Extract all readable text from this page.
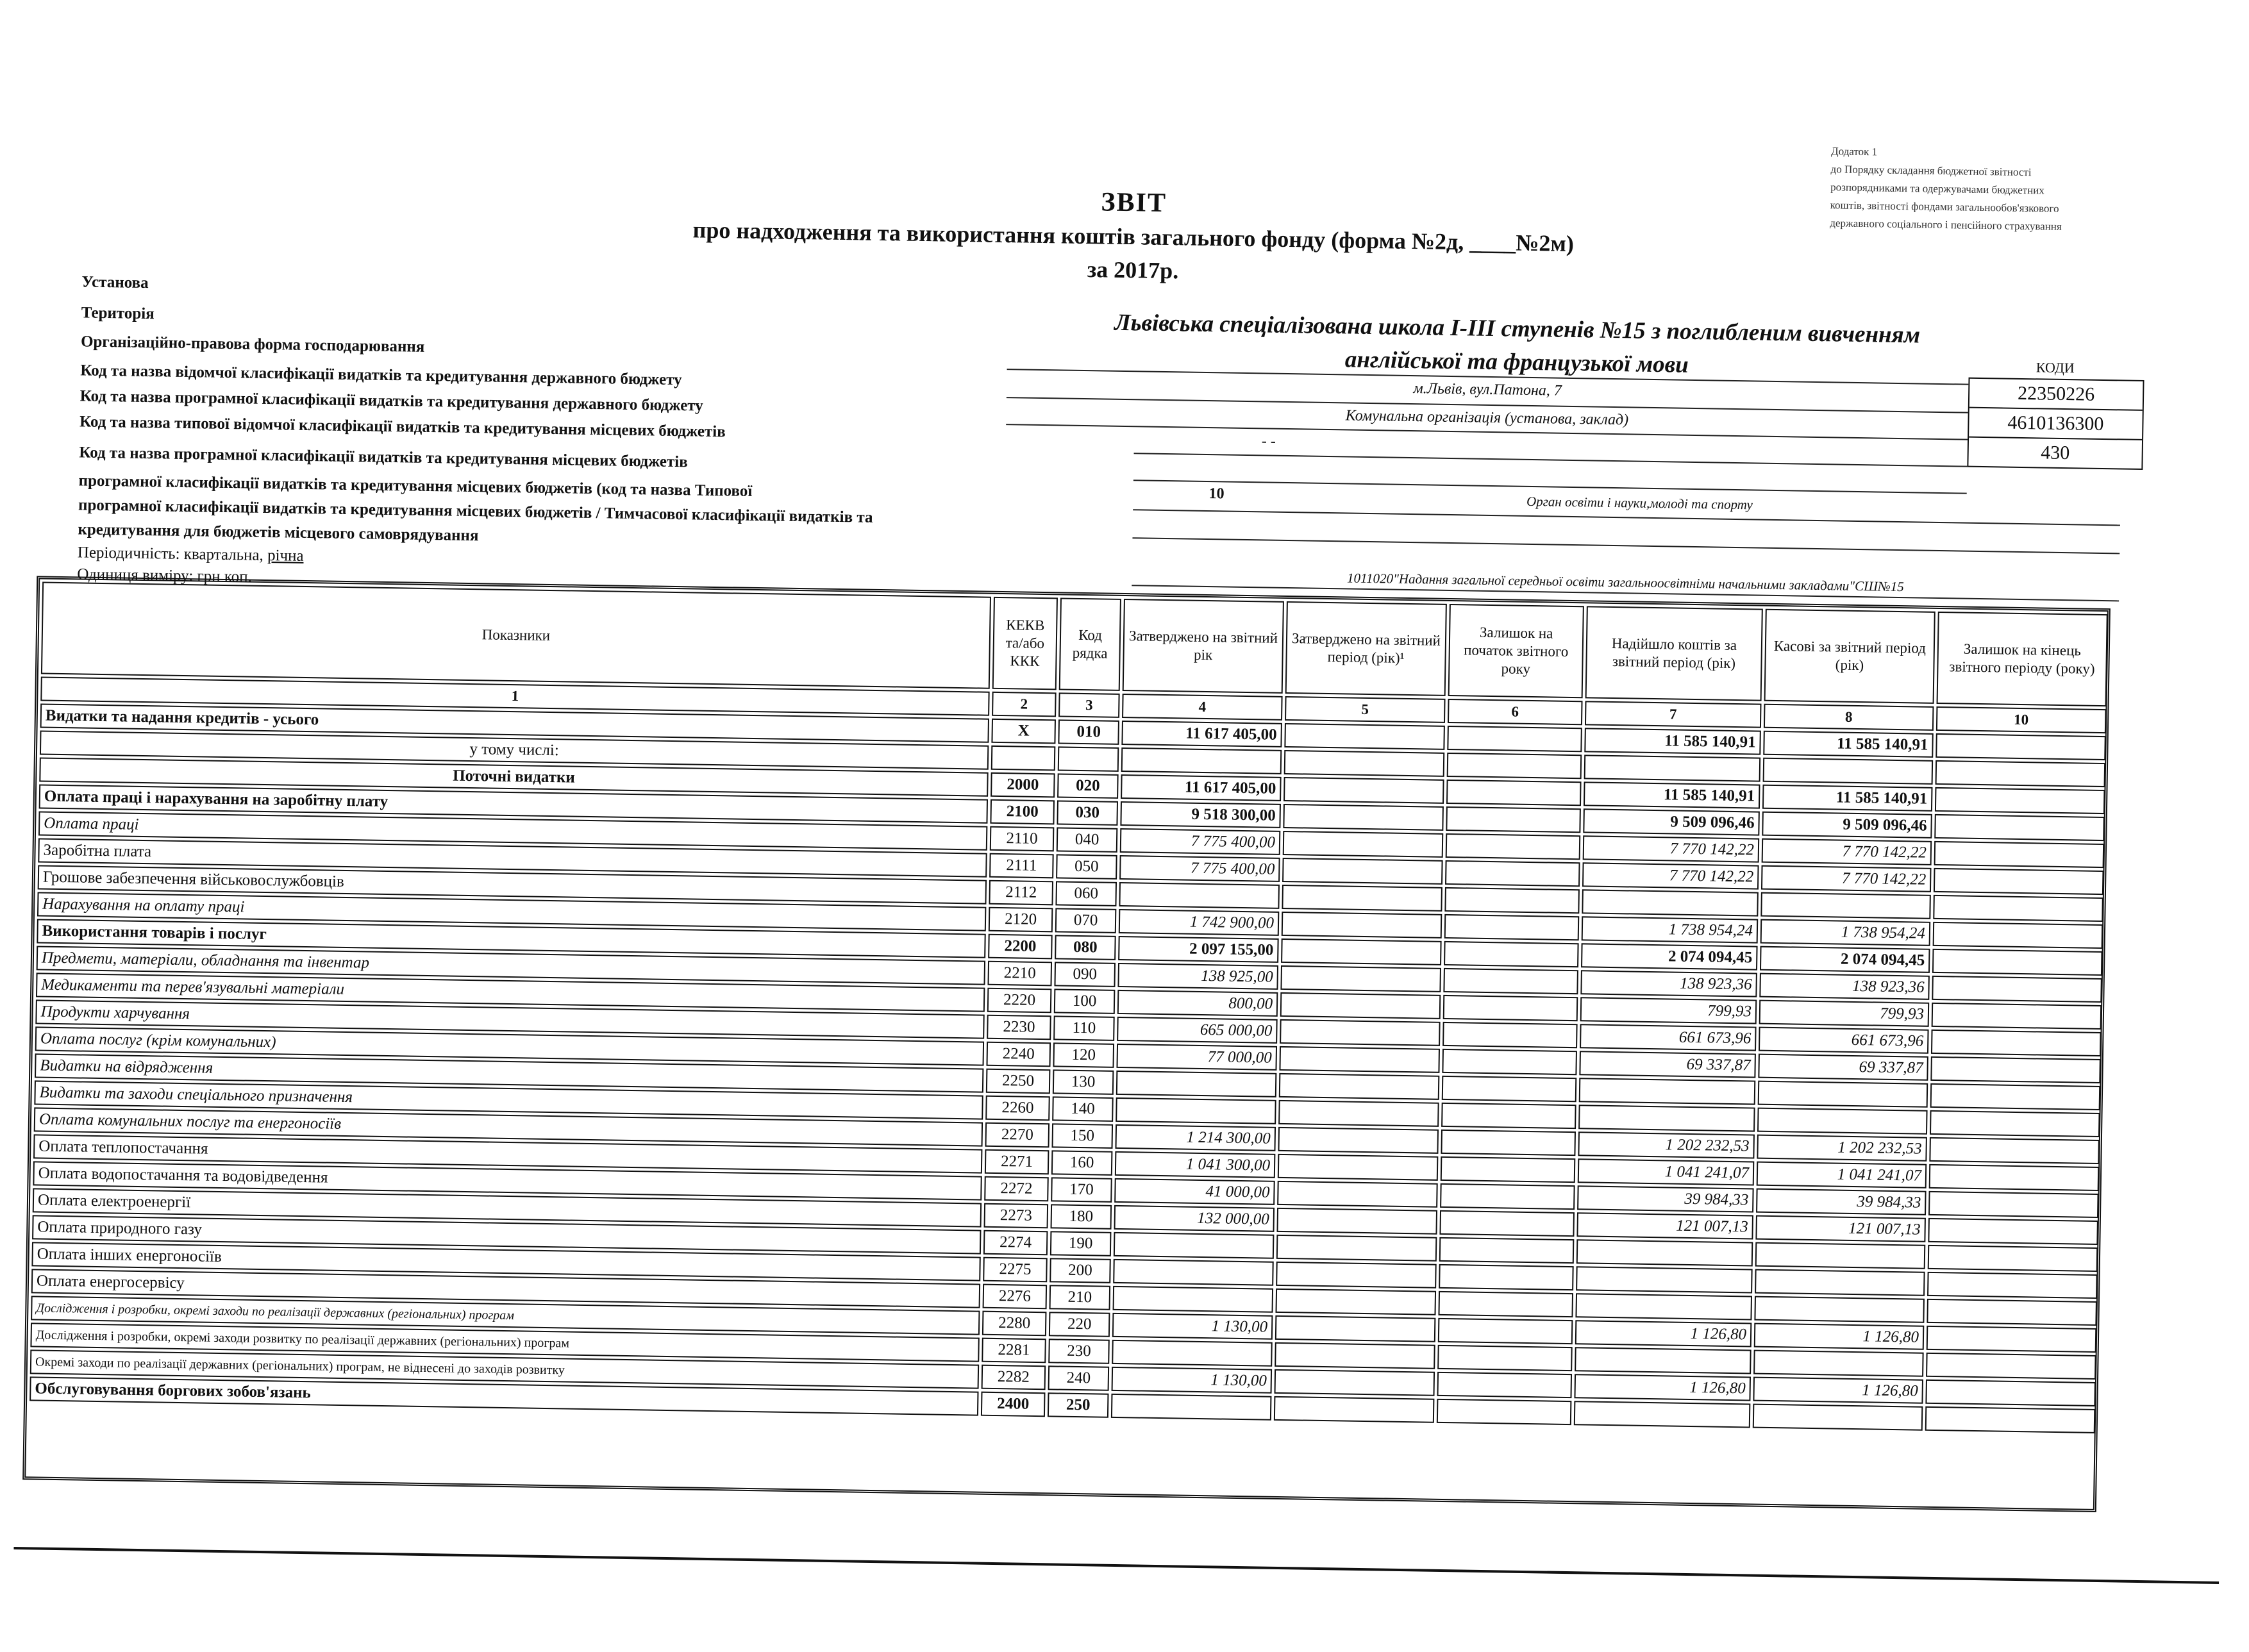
Додаток 1
до Порядку складання бюджетної звітності
розпорядниками та одержувачами бюджетних
коштів, звітності фондами загальнообов'язкового
державного соціального і пенсійного страхування
ЗВІТ
про надходження та використання коштів загального фонду (форма №2д, ____№2м)
за 2017р.
Установа
Територія
Організаційно-правова форма господарювання
Код та назва відомчої класифікації видатків та кредитування державного бюджету
Код та назва програмної класифікації видатків та кредитування державного бюджету
Код та назва типової відомчої класифікації видатків та кредитування місцевих бюджетів
Код та назва програмної класифікації видатків та кредитування місцевих бюджетів
програмної класифікації видатків та кредитування місцевих бюджетів (код та назва Типової
програмної класифікації видатків та кредитування місцевих бюджетів / Тимчасової класифікації видатків та
кредитування для бюджетів місцевого самоврядування
Періодичність: квартальна, річна
Одиниця виміру: грн коп.
Львівська спеціалізована школа I-III ступенів №15 з поглибленим вивченням англійської та французької мови
м.Львів, вул.Патона, 7
Комунальна організація (установа, заклад)
- -
10	Орган освіти і науки,молоді та спорту
1011020"Надання загальної середньої освіти загальноосвітніми начальними закладами"СШ№15
КОДИ
22350226
4610136300
430
Показники	КЕКВ та/або ККК	Код рядка	Затверджено на звітний рік	Затверджено на звітний період (рік)¹	Залишок на початок звітного року	Надійшло коштів за звітний період (рік)	Касові за звітний період (рік)	Залишок на кінець звітного періоду (року)
1	2	3	4	5	6	7	8	10
Видатки та надання кредитів - усього	X	010	11 617 405,00			11 585 140,91	11 585 140,91	
у тому числі:								
Поточні видатки	2000	020	11 617 405,00			11 585 140,91	11 585 140,91	
Оплата праці і нарахування на заробітну плату	2100	030	9 518 300,00			9 509 096,46	9 509 096,46	
Оплата праці	2110	040	7 775 400,00			7 770 142,22	7 770 142,22	
Заробітна плата	2111	050	7 775 400,00			7 770 142,22	7 770 142,22	
Грошове забезпечення військовослужбовців	2112	060						
Нарахування на оплату праці	2120	070	1 742 900,00			1 738 954,24	1 738 954,24	
Використання товарів і послуг	2200	080	2 097 155,00			2 074 094,45	2 074 094,45	
Предмети, матеріали, обладнання та інвентар	2210	090	138 925,00			138 923,36	138 923,36	
Медикаменти та перев'язувальні матеріали	2220	100	800,00			799,93	799,93	
Продукти харчування	2230	110	665 000,00			661 673,96	661 673,96	
Оплата послуг (крім комунальних)	2240	120	77 000,00			69 337,87	69 337,87	
Видатки на відрядження	2250	130						
Видатки та заходи спеціального призначення	2260	140						
Оплата комунальних послуг та енергоносіїв	2270	150	1 214 300,00			1 202 232,53	1 202 232,53	
Оплата теплопостачання	2271	160	1 041 300,00			1 041 241,07	1 041 241,07	
Оплата водопостачання та водовідведення	2272	170	41 000,00			39 984,33	39 984,33	
Оплата електроенергії	2273	180	132 000,00			121 007,13	121 007,13	
Оплата природного газу	2274	190						
Оплата інших енергоносіїв	2275	200						
Оплата енергосервісу	2276	210						
Дослідження і розробки, окремі заходи по реалізації державних (регіональних) програм	2280	220	1 130,00			1 126,80	1 126,80	
Дослідження і розробки, окремі заходи розвитку по реалізації державних (регіональних) програм	2281	230						
Окремі заходи по реалізації державних (регіональних) програм, не віднесені до заходів розвитку	2282	240	1 130,00			1 126,80	1 126,80	
Обслуговування боргових зобов'язань	2400	250						
